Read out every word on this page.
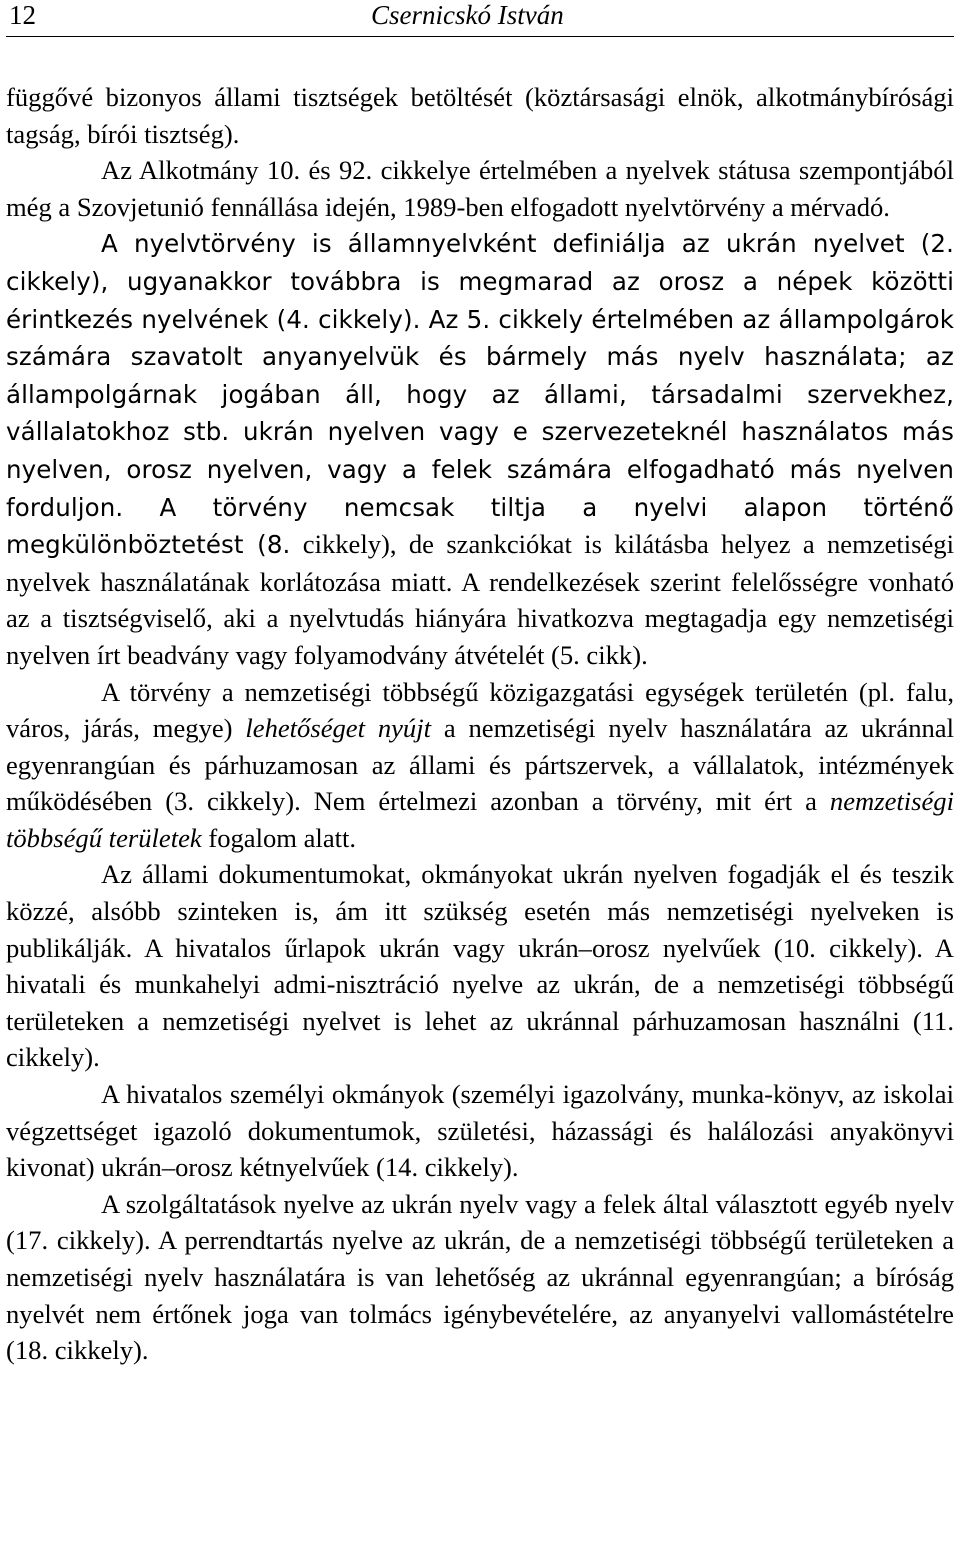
12	Csernicskó István

függővé bizonyos állami tisztségek betöltését (köztársasági elnök, alkotmánybírósági tagság, bírói tisztség).

Az Alkotmány 10. és 92. cikkelye értelmében a nyelvek státusa szempontjából még a Szovjetunió fennállása idején, 1989-ben elfogadott nyelvtörvény a mérvadó.

A nyelvtörvény is államnyelvként definiálja az ukrán nyelvet (2. cikkely), ugyanakkor továbbra is megmarad az orosz a népek közötti érintkezés nyelvének (4. cikkely). Az 5. cikkely értelmében az állampolgárok számára szavatolt anyanyelvük és bármely más nyelv használata; az állampolgárnak jogában áll, hogy az állami, társadalmi szervekhez, vállalatokhoz stb. ukrán nyelven vagy e szervezeteknél használatos más nyelven, orosz nyelven, vagy a felek számára elfogadható más nyelven forduljon. A törvény nemcsak tiltja a nyelvi alapon történő megkülönböztetést (8. cikkely), de szankciókat is kilátásba helyez a nemzetiségi nyelvek használatának korlátozása miatt. A rendelkezések szerint felelősségre vonható az a tisztségviselő, aki a nyelvtudás hiányára hivatkozva megtagadja egy nemzetiségi nyelven írt beadvány vagy folyamodvány átvételét (5. cikk).

A törvény a nemzetiségi többségű közigazgatási egységek területén (pl. falu, város, járás, megye) lehetőséget nyújt a nemzetiségi nyelv használatára az ukránnal egyenrangúan és párhuzamosan az állami és pártszervek, a vállalatok, intézmények működésében (3. cikkely). Nem értelmezi azonban a törvény, mit ért a nemzetiségi többségű területek fogalom alatt.

Az állami dokumentumokat, okmányokat ukrán nyelven fogadják el és teszik közzé, alsóbb szinteken is, ám itt szükség esetén más nemzetiségi nyelveken is publikálják. A hivatalos űrlapok ukrán vagy ukrán–orosz nyelvűek (10. cikkely). A hivatali és munkahelyi admi-nisztráció nyelve az ukrán, de a nemzetiségi többségű területeken a nemzetiségi nyelvet is lehet az ukránnal párhuzamosan használni (11. cikkely).

A hivatalos személyi okmányok (személyi igazolvány, munka-könyv, az iskolai végzettséget igazoló dokumentumok, születési, házassági és halálozási anyakönyvi kivonat) ukrán–orosz kétnyelvűek (14. cikkely).

A szolgáltatások nyelve az ukrán nyelv vagy a felek által választott egyéb nyelv (17. cikkely). A perrendtartás nyelve az ukrán, de a nemzetiségi többségű területeken a nemzetiségi nyelv használatára is van lehetőség az ukránnal egyenrangúan; a bíróság nyelvét nem értőnek joga van tolmács igénybevételére, az anyanyelvi vallomástételre (18. cikkely).
